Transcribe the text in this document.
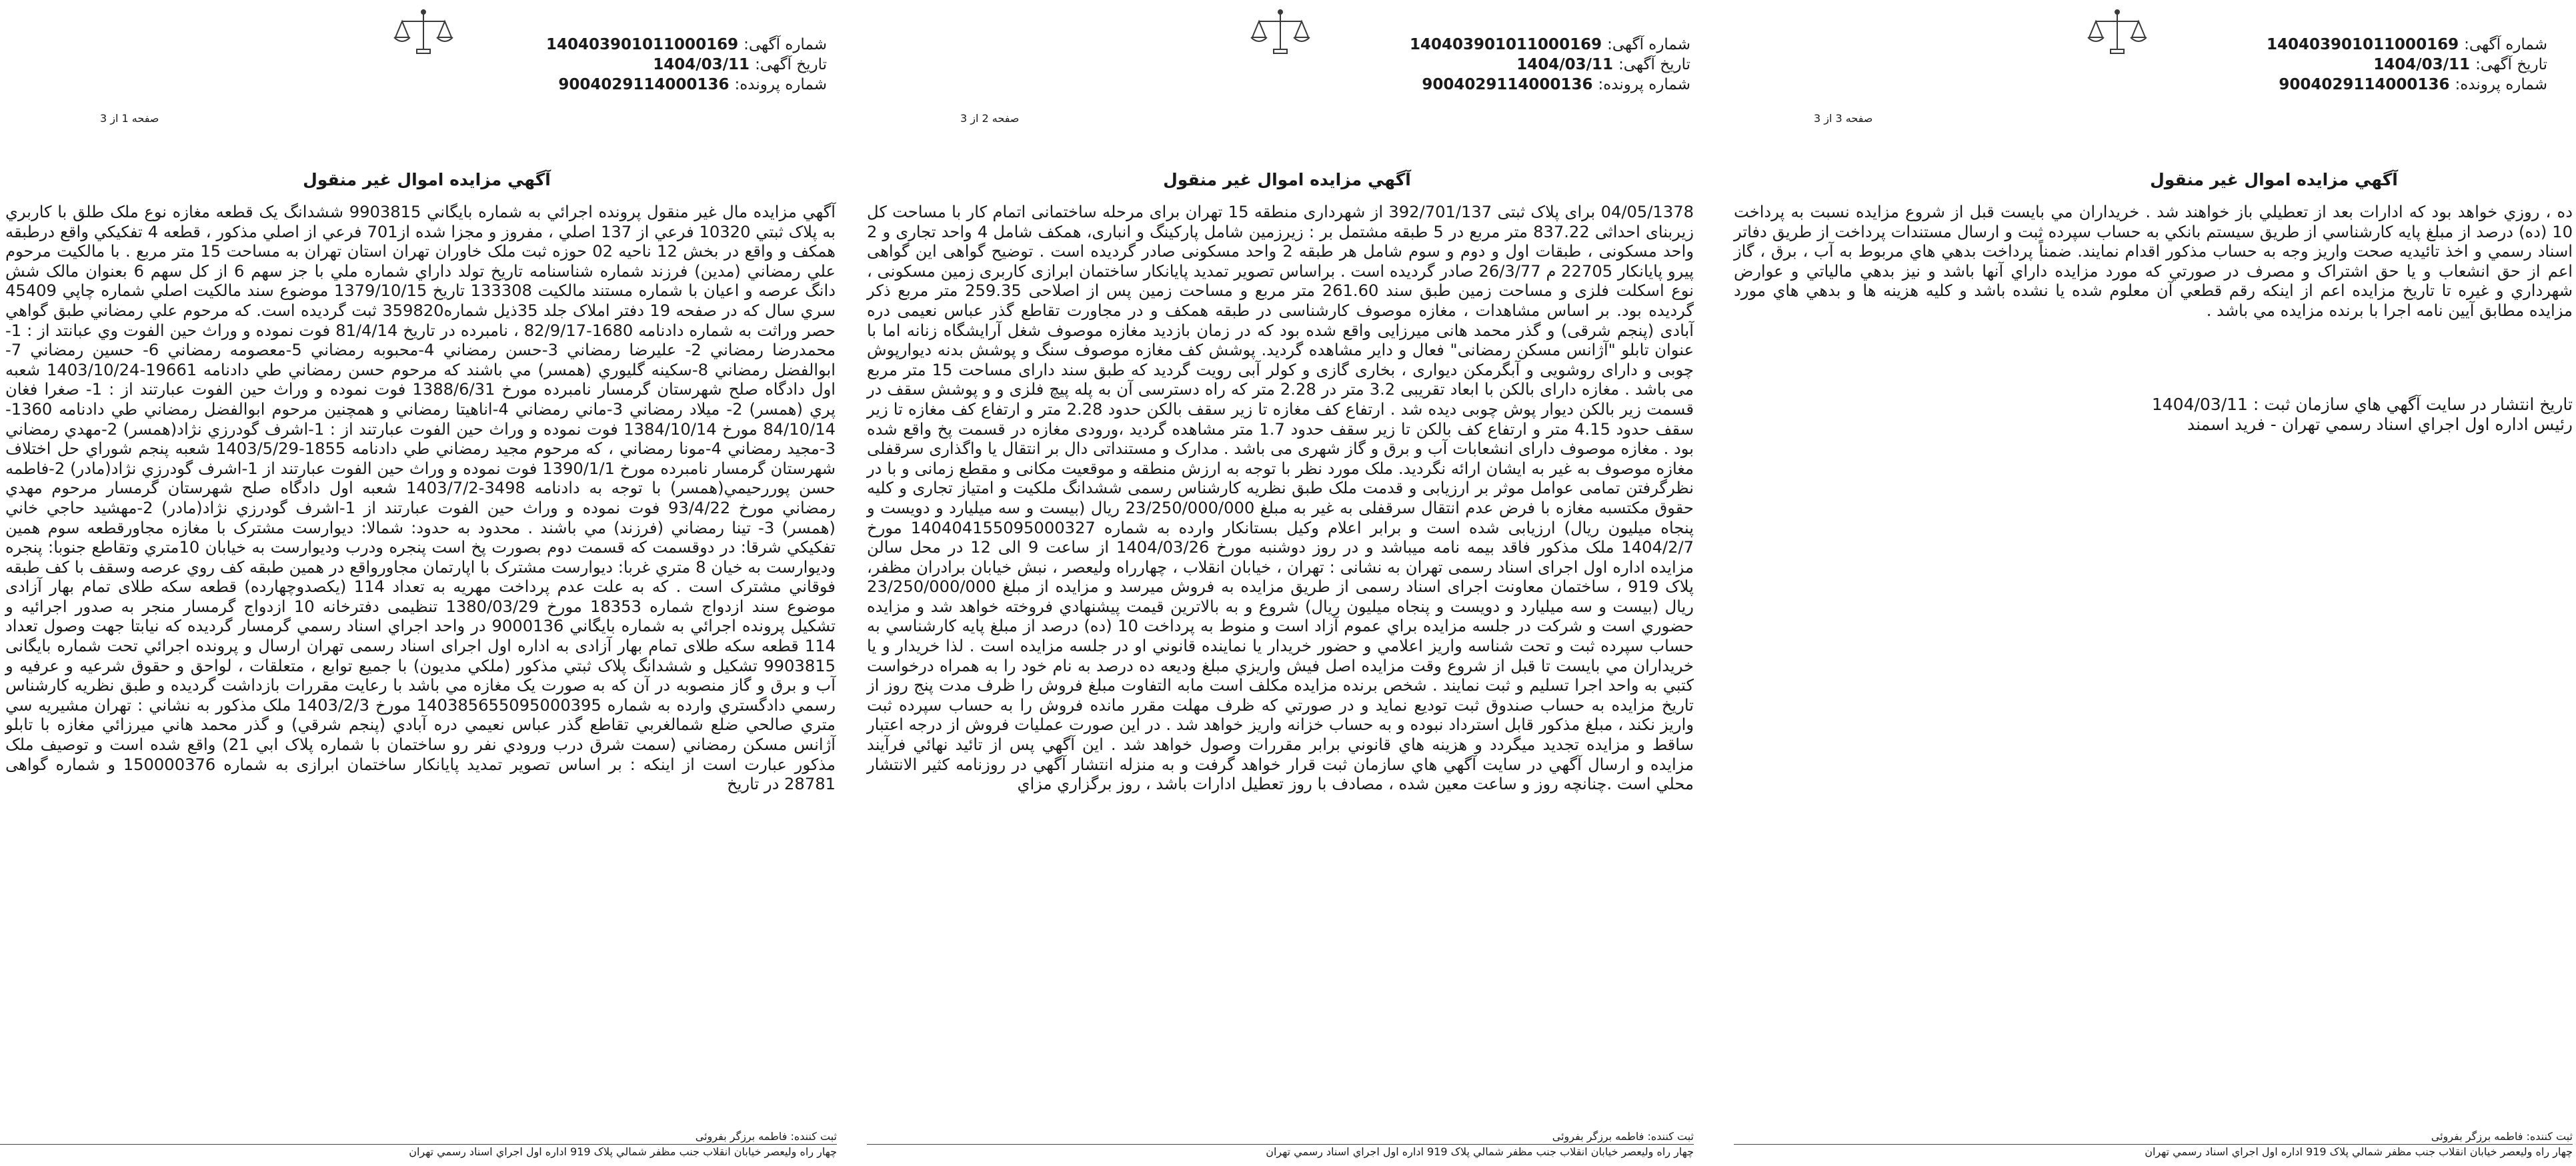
شماره آگهی: 140403901011000169
تاریخ آگهی: 1404/03/11
شماره پرونده: 9004029114000136
صفحه 1 از 3
آگهي مزايده اموال غير منقول
آگهي مزايده مال غير منقول پرونده اجرائي به شماره بايگاني 9903815 ششدانگ يک قطعه مغازه نوع ملک طلق با کاربري به پلاک ثبتي 10320 فرعي از 137 اصلي ، مفروز و مجزا شده از701 فرعي از اصلي مذکور ، قطعه 4 تفکيکي واقع درطبقه همکف و واقع در بخش 12 ناحيه 02 حوزه ثبت ملک خاوران تهران استان تهران به مساحت 15 متر مربع . با مالکيت مرحوم علي رمضاني (مدين) فرزند شماره شناسنامه تاريخ تولد داراي شماره ملي با جز سهم 6 از کل سهم 6 بعنوان مالک شش دانگ عرصه و اعيان با شماره مستند مالکيت 133308 تاريخ 1379/10/15 موضوع سند مالکيت اصلي شماره چاپي 45409 سري سال که در صفحه 19 دفتر املاک جلد 35ذيل شماره359820 ثبت گرديده است. که مرحوم علي رمضاني طبق گواهي حصر وراثت به شماره دادنامه 1680-82/9/17 ، نامبرده در تاريخ 81/4/14 فوت نموده و وراث حين الفوت وي عبانتد از : 1- محمدرضا رمضاني 2- عليرضا رمضاني 3-حسن رمضاني 4-محبوبه رمضاني 5-معصومه رمضاني 6- حسين رمضاني 7- ابوالفضل رمضاني 8-سکينه گليوري (همسر) مي باشند که مرحوم حسن رمضاني طي دادنامه 19661-1403/10/24 شعبه اول دادگاه صلح شهرستان گرمسار نامبرده مورخ 1388/6/31 فوت نموده و وراث حين الفوت عبارتند از : 1- صغرا فغان پري (همسر) 2- ميلاد رمضاني 3-ماني رمضاني 4-اناهيتا رمضاني و همچنين مرحوم ابوالفضل رمضاني طي دادنامه 1360-84/10/14 مورخ 1384/10/14 فوت نموده و وراث حين الفوت عبارتند از : 1-اشرف گودرزي نژاد(همسر) 2-مهدي رمضاني 3-مجيد رمضاني 4-مونا رمضاني ، که مرحوم مجيد رمضاني طي دادنامه 1855-1403/5/29 شعبه پنجم شوراي حل اختلاف شهرستان گرمسار نامبرده مورخ 1390/1/1 فوت نموده و وراث حين الفوت عبارتند از 1-اشرف گودرزي نژاد(مادر) 2-فاطمه حسن پوررحيمي(همسر) با توجه به دادنامه 3498-1403/7/2 شعبه اول دادگاه صلح شهرستان گرمسار مرحوم مهدي رمضاني مورخ 93/4/22 فوت نموده و وراث حين الفوت عبارتند از 1-اشرف گودرزي نژاد(مادر) 2-مهشيد حاجي خاني (همسر) 3- تينا رمضاني (فرزند) مي باشند . محدود به حدود: شمالا: ديوارست مشترک با مغازه مجاورقطعه سوم همين تفکيکي شرقا: در دوقسمت که قسمت دوم بصورت پخ است پنجره ودرب وديوارست به خيابان 10متري وتقاطع جنوبا: پنجره وديوارست به خيان 8 متري غربا: ديوارست مشترک با اپارتمان مجاورواقع در همين طبقه کف روي عرصه وسقف با کف طبقه فوقاني مشترک است . که به علت عدم پرداخت مهريه به تعداد 114 (يکصدوچهارده) قطعه سکه طلای تمام بهار آزادی موضوع سند ازدواج شماره 18353 مورخ 1380/03/29 تنظیمی دفترخانه 10 ازدواج گرمسار منجر به صدور اجرائيه و تشکيل پرونده اجرائي به شماره بايگاني 9000136 در واحد اجراي اسناد رسمي گرمسار گرديده که نيابتا جهت وصول تعداد 114 قطعه سکه طلای تمام بهار آزادی به اداره اول اجرای اسناد رسمی تهران ارسال و پرونده اجرائي تحت شماره بايگانى 9903815 تشکيل و ششدانگ پلاک ثبتي مذکور (ملکي مديون) با جميع توابع ، متعلقات ، لواحق و حقوق شرعيه و عرفيه و آب و برق و گاز منصوبه در آن که به صورت يک مغازه مي باشد با رعايت مقررات بازداشت گرديده و طبق نظريه کارشناس رسمي دادگستري وارده به شماره 140385655095000395 مورخ 1403/2/3 ملک مذکور به نشاني : تهران مشيريه سي متري صالحي ضلع شمالغربي تقاطع گذر عباس نعيمي دره آبادي (پنجم شرقي) و گذر محمد هاني ميرزائي مغازه با تابلو آژانس مسکن رمضاني (سمت شرق درب ورودي نفر رو ساختمان با شماره پلاک ابي 21) واقع شده است و توصيف ملک مذکور عبارت است از اينکه : بر اساس تصوير تمديد پايانکار ساختمان ابرازی به شماره 150000376 و شماره گواهی 28781 در تاریخ
ثبت کننده: فاطمه برزگر بفروئی
چهار راه وليعصر خيابان انقلاب جنب مظفر شمالي پلاک 919 اداره اول اجراي اسناد رسمي تهران
شماره آگهی: 140403901011000169
تاریخ آگهی: 1404/03/11
شماره پرونده: 9004029114000136
صفحه 2 از 3
آگهي مزايده اموال غير منقول
04/05/1378 برای پلاک ثبتی 392/701/137 از شهرداری منطقه 15 تهران برای مرحله ساختمانی اتمام کار با مساحت کل زیربنای احداثی 837.22 متر مربع در 5 طبقه مشتمل بر : زیرزمین شامل پارکینگ و انباری، همکف شامل 4 واحد تجاری و 2 واحد مسکونی ، طبقات اول و دوم و سوم شامل هر طبقه 2 واحد مسکونی صادر گرديده است . توضیح گواهی این گواهی پیرو پایانکار 22705 م 26/3/77 صادر گرديده است . براساس تصویر تمدید پایانکار ساختمان ابرازی کاربری زمین مسکونی ، نوع اسکلت فلزی و مساحت زمین طبق سند 261.60 متر مربع و مساحت زمین پس از اصلاحی 259.35 متر مربع ذکر گرديده بود. بر اساس مشاهدات ، مغازه موصوف کارشناسی در طبقه همکف و در مجاورت تقاطع گذر عباس نعیمی دره آبادی (پنجم شرقی) و گذر محمد هانی میرزایی واقع شده بود که در زمان بازدید مغازه موصوف شغل آرایشگاه زنانه اما با عنوان تابلو "آژانس مسکن رمضانی" فعال و دایر مشاهده گرديد. پوشش کف مغازه موصوف سنگ و پوشش بدنه دیوارپوش چوبی و دارای روشویی و آبگرمکن دیواری ، بخاری گازی و کولر آبی رویت گرديد که طبق سند دارای مساحت 15 متر مربع می باشد . مغازه دارای بالکن با ابعاد تقریبی 3.2 متر در 2.28 متر که راه دسترسی آن به پله پیچ فلزی و و پوشش سقف در قسمت زیر بالکن دیوار پوش چوبی دیده شد . ارتفاع کف مغازه تا زیر سقف بالکن حدود 2.28 متر و ارتفاع کف مغازه تا زیر سقف حدود 4.15 متر و ارتفاع کف بالکن تا زیر سقف حدود 1.7 متر مشاهده گرديد ،ورودی مغازه در قسمت پخ واقع شده بود . مغازه موصوف دارای انشعابات آب و برق و گاز شهری می باشد . مدارک و مستنداتی دال بر انتقال یا واگذاری سرقفلی مغازه موصوف به غیر به ایشان ارائه نگرديد. ملک مورد نظر با توجه به ارزش منطقه و موقعیت مکانی و مقطع زمانی و با در نظرگرفتن تمامی عوامل موثر بر ارزیابی و قدمت ملک طبق نظریه کارشناس رسمی ششدانگ ملکیت و امتیاز تجاری و کلیه حقوق مکتسبه مغازه با فرض عدم انتقال سرقفلی به غیر به مبلغ 23/250/000/000 ریال (بیست و سه میلیارد و دویست و پنجاه میلیون ریال) ارزیابی شده است و برابر اعلام وکیل بستانکار وارده به شماره 140404155095000327 مورخ 1404/2/7 ملک مذکور فاقد بیمه نامه میباشد و در روز دوشنبه مورخ 1404/03/26 از ساعت 9 الی 12 در محل سالن مزايده اداره اول اجرای اسناد رسمی تهران به نشانی : تهران ، خيابان انقلاب ، چهارراه وليعصر ، نبش خيابان برادران مظفر، پلاک 919 ، ساختمان معاونت اجرای اسناد رسمی از طريق مزايده به فروش ميرسد و مزايده از مبلغ 23/250/000/000 ريال (بیست و سه میلیارد و دویست و پنجاه میلیون ريال) شروع و به بالاترين قيمت پيشنهادي فروخته خواهد شد و مزايده حضوري است و شرکت در جلسه مزايده براي عموم آزاد است و منوط به پرداخت 10 (ده) درصد از مبلغ پايه کارشناسي به حساب سپرده ثبت و تحت شناسه واريز اعلامي و حضور خريدار يا نماينده قانوني او در جلسه مزايده است . لذا خريدار و يا خريداران مي بايست تا قبل از شروع وقت مزايده اصل فيش واريزي مبلغ ودیعه ده درصد به نام خود را به همراه درخواست کتبي به واحد اجرا تسليم و ثبت نمايند . شخص برنده مزايده مکلف است مابه التفاوت مبلغ فروش را ظرف مدت پنج روز از تاريخ مزايده به حساب صندوق ثبت توديع نمايد و در صورتي که ظرف مهلت مقرر مانده فروش را به حساب سپرده ثبت واريز نکند ، مبلغ مذکور قابل استرداد نبوده و به حساب خزانه واريز خواهد شد . در اين صورت عمليات فروش از درجه اعتبار ساقط و مزايده تجديد ميگردد و هزينه هاي قانوني برابر مقررات وصول خواهد شد . اين آگهي پس از تائيد نهائي فرآيند مزايده و ارسال آگهي در سايت آگهي هاي سازمان ثبت قرار خواهد گرفت و به منزله انتشار آگهي در روزنامه کثير الانتشار محلي است .چنانچه روز و ساعت معين شده ، مصادف با روز تعطيل ادارات باشد ، روز برگزاري مزاي
ثبت کننده: فاطمه برزگر بفروئی
چهار راه وليعصر خيابان انقلاب جنب مظفر شمالي پلاک 919 اداره اول اجراي اسناد رسمي تهران
شماره آگهی: 140403901011000169
تاریخ آگهی: 1404/03/11
شماره پرونده: 9004029114000136
صفحه 3 از 3
آگهي مزايده اموال غير منقول
ده ، روزي خواهد بود که ادارات بعد از تعطيلي باز خواهند شد . خريداران مي بايست قبل از شروع مزايده نسبت به پرداخت 10 (ده) درصد از مبلغ پايه کارشناسي از طريق سيستم بانکي به حساب سپرده ثبت و ارسال مستندات پرداخت از طريق دفاتر اسناد رسمي و اخذ تائيديه صحت واريز وجه به حساب مذکور اقدام نمايند. ضمناً پرداخت بدهي هاي مربوط به آب ، برق ، گاز اعم از حق انشعاب و يا حق اشتراک و مصرف در صورتي که مورد مزايده داراي آنها باشد و نيز بدهي مالياتي و عوارض شهرداري و غيره تا تاريخ مزايده اعم از اينکه رقم قطعي آن معلوم شده يا نشده باشد و کليه هزينه ها و بدهي هاي مورد مزايده مطابق آيين نامه اجرا با برنده مزايده مي باشد .
تاريخ انتشار در سايت آگهي هاي سازمان ثبت : 1404/03/11
رئيس اداره اول اجراي اسناد رسمي تهران - فريد اسمند
ثبت کننده: فاطمه برزگر بفروئی
چهار راه وليعصر خيابان انقلاب جنب مظفر شمالي پلاک 919 اداره اول اجراي اسناد رسمي تهران
